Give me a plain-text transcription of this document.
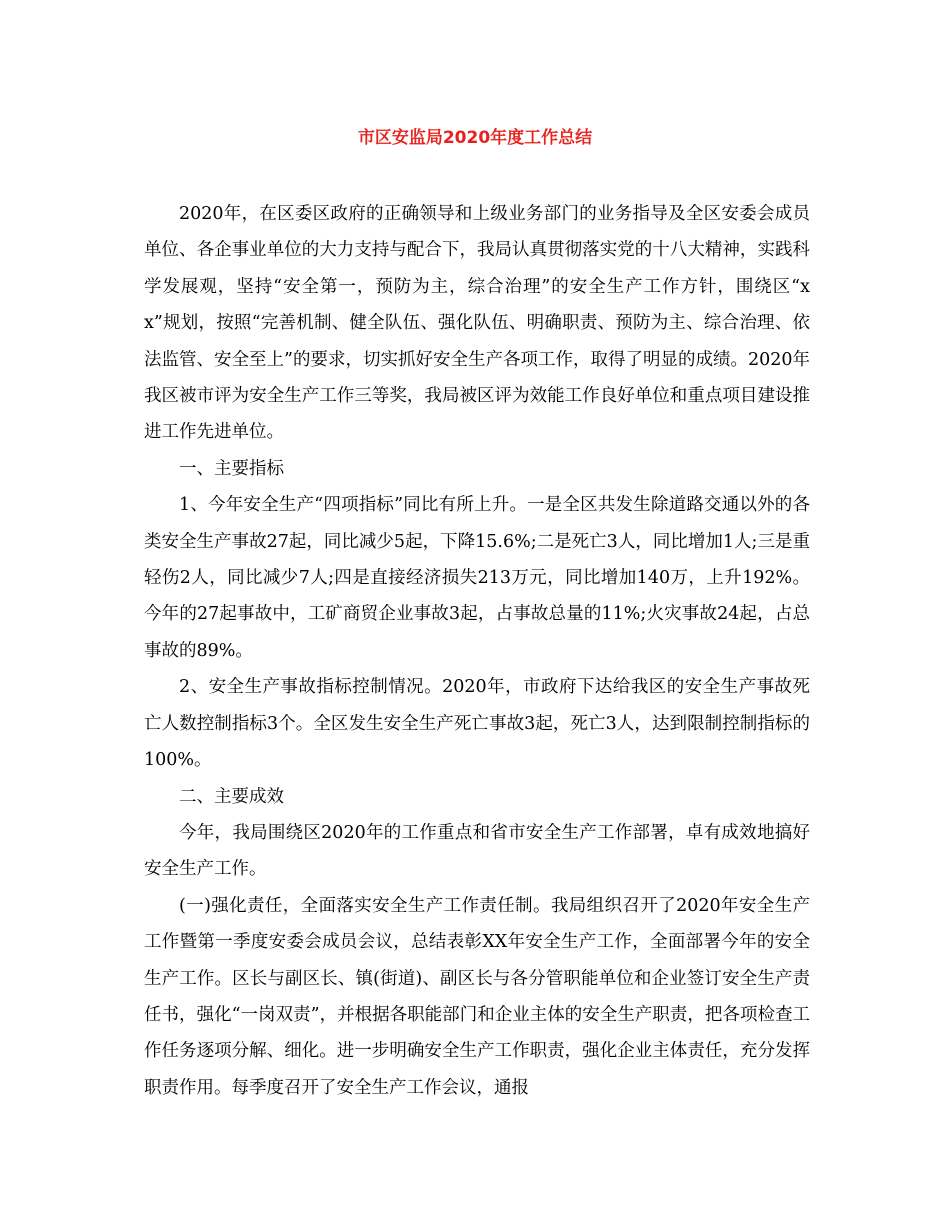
市区安监局2020年度工作总结

2020年，在区委区政府的正确领导和上级业务部门的业务指导及全区安委会成员单位、各企事业单位的大力支持与配合下，我局认真贯彻落实党的十八大精神，实践科学发展观，坚持“安全第一，预防为主，综合治理”的安全生产工作方针，围绕区“xx”规划，按照“完善机制、健全队伍、强化队伍、明确职责、预防为主、综合治理、依法监管、安全至上”的要求，切实抓好安全生产各项工作，取得了明显的成绩。2020年我区被市评为安全生产工作三等奖，我局被区评为效能工作良好单位和重点项目建设推进工作先进单位。

一、主要指标

1、今年安全生产“四项指标”同比有所上升。一是全区共发生除道路交通以外的各类安全生产事故27起，同比减少5起，下降15.6%;二是死亡3人，同比增加1人;三是重轻伤2人，同比减少7人;四是直接经济损失213万元，同比增加140万，上升192%。今年的27起事故中，工矿商贸企业事故3起，占事故总量的11%;火灾事故24起，占总事故的89%。

2、安全生产事故指标控制情况。2020年，市政府下达给我区的安全生产事故死亡人数控制指标3个。全区发生安全生产死亡事故3起，死亡3人，达到限制控制指标的100%。

二、主要成效

今年，我局围绕区2020年的工作重点和省市安全生产工作部署，卓有成效地搞好安全生产工作。

(一)强化责任，全面落实安全生产工作责任制。我局组织召开了2020年安全生产工作暨第一季度安委会成员会议，总结表彰XX年安全生产工作，全面部署今年的安全生产工作。区长与副区长、镇(街道)、副区长与各分管职能单位和企业签订安全生产责任书，强化“一岗双责”，并根据各职能部门和企业主体的安全生产职责，把各项检查工作任务逐项分解、细化。进一步明确安全生产工作职责，强化企业主体责任，充分发挥职责作用。每季度召开了安全生产工作会议，通报
